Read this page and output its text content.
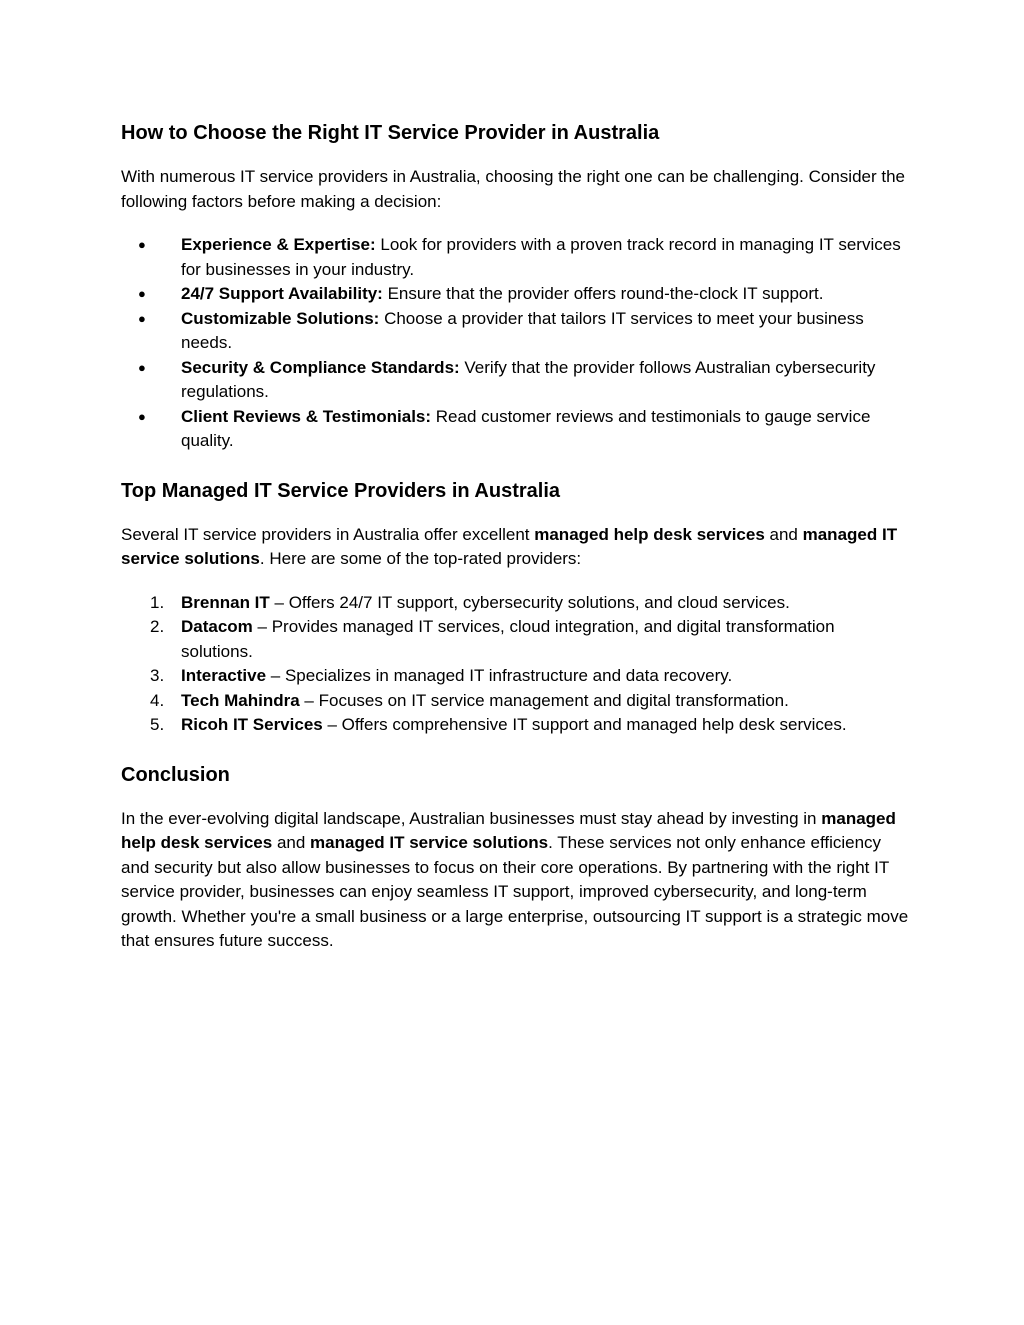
How to Choose the Right IT Service Provider in Australia

With numerous IT service providers in Australia, choosing the right one can be challenging. Consider the following factors before making a decision:

● Experience & Expertise: Look for providers with a proven track record in managing IT services for businesses in your industry.
● 24/7 Support Availability: Ensure that the provider offers round-the-clock IT support.
● Customizable Solutions: Choose a provider that tailors IT services to meet your business needs.
● Security & Compliance Standards: Verify that the provider follows Australian cybersecurity regulations.
● Client Reviews & Testimonials: Read customer reviews and testimonials to gauge service quality.
Top Managed IT Service Providers in Australia

Several IT service providers in Australia offer excellent managed help desk services and managed IT service solutions. Here are some of the top-rated providers:

1. Brennan IT – Offers 24/7 IT support, cybersecurity solutions, and cloud services.
2. Datacom – Provides managed IT services, cloud integration, and digital transformation solutions.
3. Interactive – Specializes in managed IT infrastructure and data recovery.
4. Tech Mahindra – Focuses on IT service management and digital transformation.
5. Ricoh IT Services – Offers comprehensive IT support and managed help desk services.
Conclusion

In the ever-evolving digital landscape, Australian businesses must stay ahead by investing in managed help desk services and managed IT service solutions. These services not only enhance efficiency and security but also allow businesses to focus on their core operations. By partnering with the right IT service provider, businesses can enjoy seamless IT support, improved cybersecurity, and long-term growth. Whether you're a small business or a large enterprise, outsourcing IT support is a strategic move that ensures future success.
